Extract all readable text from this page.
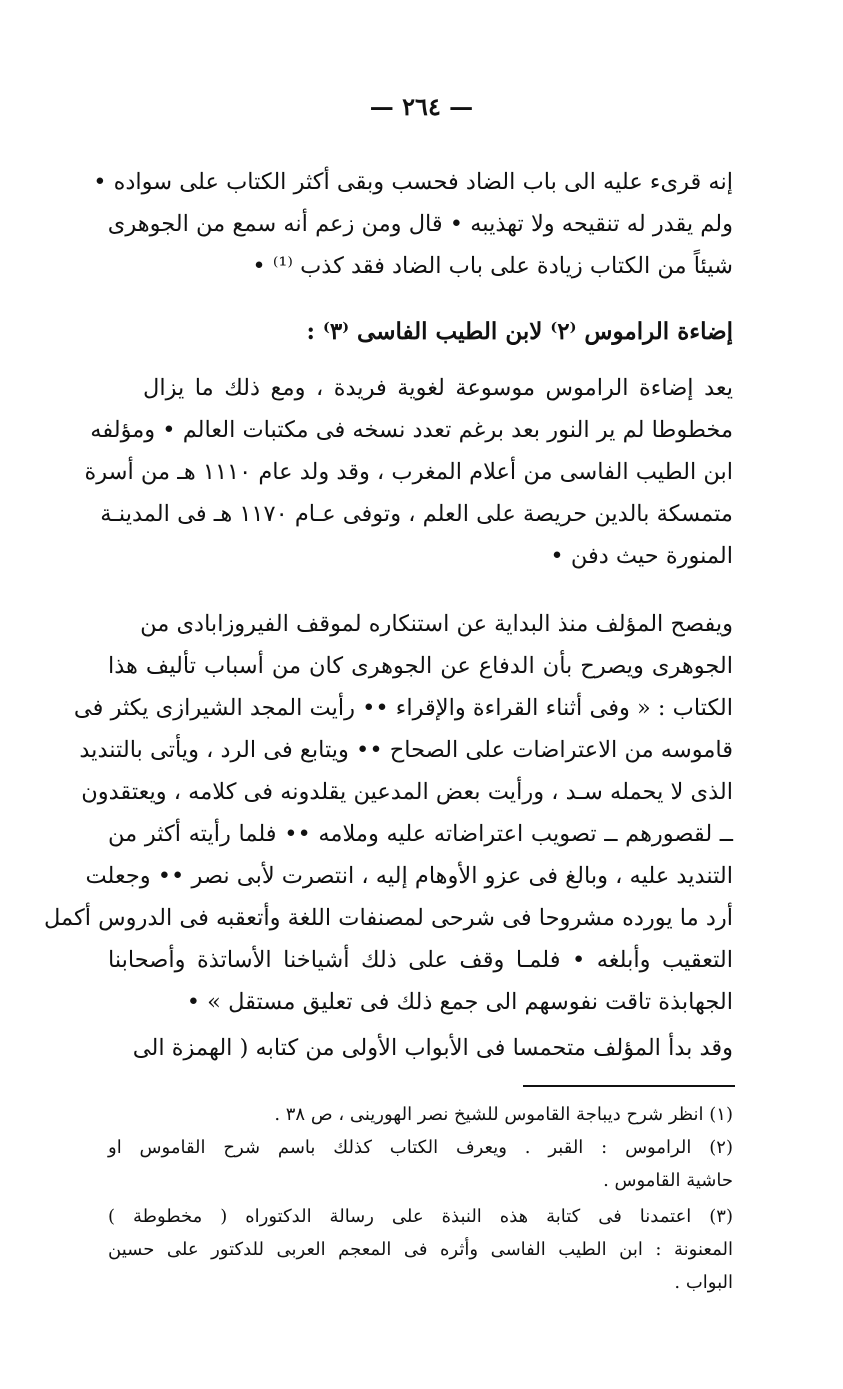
— ٢٦٤ —
إنه قرىء عليه الى باب الضاد فحسب وبقى أكثر الكتاب على سواده •
ولم يقدر له تنقيحه ولا تهذيبه • قال ومن زعم أنه سمع من الجوهرى
شيئاً من الكتاب زيادة على باب الضاد فقد كذب ⁽¹⁾ •
إضاءة الراموس ⁽٢⁾ لابن الطيب الفاسى ⁽٣⁾ :
يعد إضاءة الراموس موسوعة لغوية فريدة ، ومع ذلك ما يزال
مخطوطا لم ير النور بعد برغم تعدد نسخه فى مكتبات العالم • ومؤلفه
ابن الطيب الفاسى من أعلام المغرب ، وقد ولد عام ١١١٠ هـ من أسرة
متمسكة بالدين حريصة على العلم ، وتوفى عـام ١١٧٠ هـ فى المدينـة
المنورة حيث دفن •
ويفصح المؤلف منذ البداية عن استنكاره لموقف الفيروزابادى من
الجوهرى ويصرح بأن الدفاع عن الجوهرى كان من أسباب تأليف هذا
الكتاب : « وفى أثناء القراءة والإقراء •• رأيت المجد الشيرازى يكثر فى
قاموسه من الاعتراضات على الصحاح •• ويتابع فى الرد ، ويأتى بالتنديد
الذى لا يحمله سـد ، ورأيت بعض المدعين يقلدونه فى كلامه ، ويعتقدون
ــ لقصورهم ــ تصويب اعتراضاته عليه وملامه •• فلما رأيته أكثر من
التنديد عليه ، وبالغ فى عزو الأوهام إليه ، انتصرت لأبى نصر •• وجعلت
أرد ما يورده مشروحا فى شرحى لمصنفات اللغة وأتعقبه فى الدروس أكمل
التعقيب وأبلغه • فلمـا وقف على ذلك أشياخنا الأساتذة وأصحابنا
الجهابذة تاقت نفوسهم الى جمع ذلك فى تعليق مستقل » •
وقد بدأ المؤلف متحمسا فى الأبواب الأولى من كتابه ( الهمزة الى
(١) انظر شرح ديباجة القاموس للشيخ نصر الهورينى ، ص ٣٨ .
(٢) الراموس : القبر . ويعرف الكتاب كذلك باسم شرح القاموس او
حاشية القاموس .
(٣) اعتمدنا فى كتابة هذه النبذة على رسالة الدكتوراه ( مخطوطة )
المعنونة : ابن الطيب الفاسى وأثره فى المعجم العربى للدكتور على حسين
البواب .
